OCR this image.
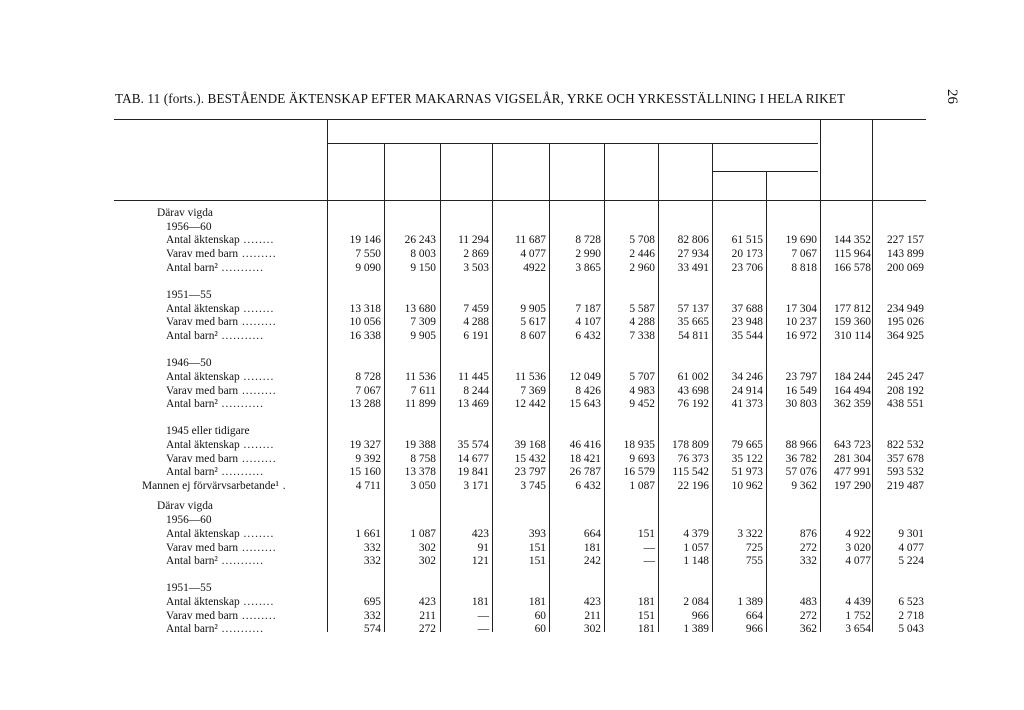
TAB. 11 (forts.). BESTÅENDE ÄKTENSKAP EFTER MAKARNAS VIGSELÅR, YRKE OCH YRKESSTÄLLNING I HELA RIKET	26
Därav vigda
1956—60
Antal äktenskap ........	19 146	26 243	11 294	11 687	8 728	5 708	82 806	61 515	19 690	144 352	227 157
Varav med barn .........	7 550	8 003	2 869	4 077	2 990	2 446	27 934	20 173	7 067	115 964	143 899
Antal barn² ...........	9 090	9 150	3 503	4922	3 865	2 960	33 491	23 706	8 818	166 578	200 069
1951—55
Antal äktenskap ........	13 318	13 680	7 459	9 905	7 187	5 587	57 137	37 688	17 304	177 812	234 949
Varav med barn .........	10 056	7 309	4 288	5 617	4 107	4 288	35 665	23 948	10 237	159 360	195 026
Antal barn² ...........	16 338	9 905	6 191	8 607	6 432	7 338	54 811	35 544	16 972	310 114	364 925
1946—50
Antal äktenskap ........	8 728	11 536	11 445	11 536	12 049	5 707	61 002	34 246	23 797	184 244	245 247
Varav med barn .........	7 067	7 611	8 244	7 369	8 426	4 983	43 698	24 914	16 549	164 494	208 192
Antal barn² ...........	13 288	11 899	13 469	12 442	15 643	9 452	76 192	41 373	30 803	362 359	438 551
1945 eller tidigare
Antal äktenskap ........	19 327	19 388	35 574	39 168	46 416	18 935	178 809	79 665	88 966	643 723	822 532
Varav med barn .........	9 392	8 758	14 677	15 432	18 421	9 693	76 373	35 122	36 782	281 304	357 678
Antal barn² ...........	15 160	13 378	19 841	23 797	26 787	16 579	115 542	51 973	57 076	477 991	593 532
Mannen ej förvärvsarbetande¹ .	4 711	3 050	3 171	3 745	6 432	1 087	22 196	10 962	9 362	197 290	219 487
Därav vigda
1956—60
Antal äktenskap ........	1 661	1 087	423	393	664	151	4 379	3 322	876	4 922	9 301
Varav med barn .........	332	302	91	151	181	—	1 057	725	272	3 020	4 077
Antal barn² ...........	332	302	121	151	242	—	1 148	755	332	4 077	5 224
1951—55
Antal äktenskap ........	695	423	181	181	423	181	2 084	1 389	483	4 439	6 523
Varav med barn .........	332	211	—	60	211	151	966	664	272	1 752	2 718
Antal barn² ...........	574	272	—	60	302	181	1 389	966	362	3 654	5 043
